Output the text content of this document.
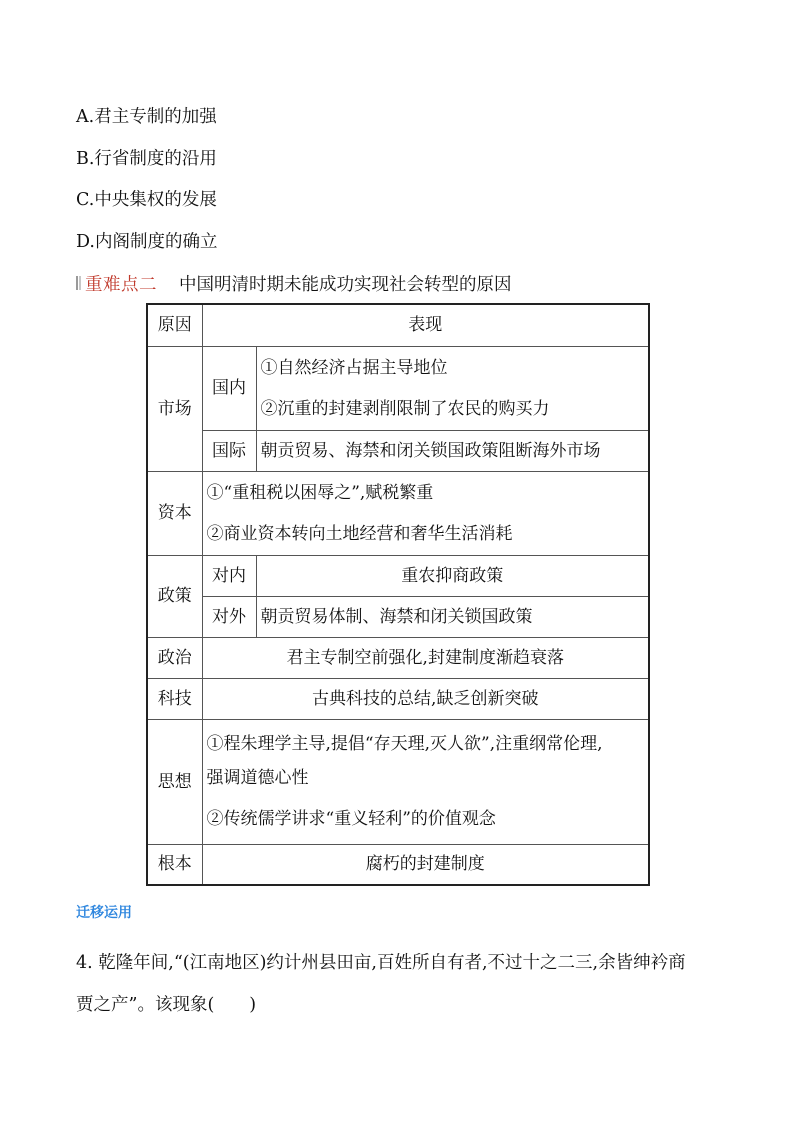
A.君主专制的加强
B.行省制度的沿用
C.中央集权的发展
D.内阁制度的确立
重难点二 中国明清时期未能成功实现社会转型的原因
原因	表现	
市场	国内	①自然经济占据主导地位

②沉重的封建剥削限制了农民的购买力

	国际	朝贡贸易、海禁和闭关锁国政策阻断海外市场
资本	①“重租税以困辱之”,赋税繁重

②商业资本转向土地经营和奢华生活消耗	

政策	对内	重农抑商政策
	对外	朝贡贸易体制、海禁和闭关锁国政策
政治	君主专制空前强化,封建制度渐趋衰落	
科技	古典科技的总结,缺乏创新突破	
思想	①程朱理学主导,提倡“存天理,灭人欲”,注重纲常伦理,

强调道德心性

②传统儒学讲求“重义轻利”的价值观念	

根本	腐朽的封建制度	
迁移运用

4. 乾隆年间,“(江南地区)约计州县田亩,百姓所自有者,不过十之二三,余皆绅衿商

贾之产”。该现象(　　)
